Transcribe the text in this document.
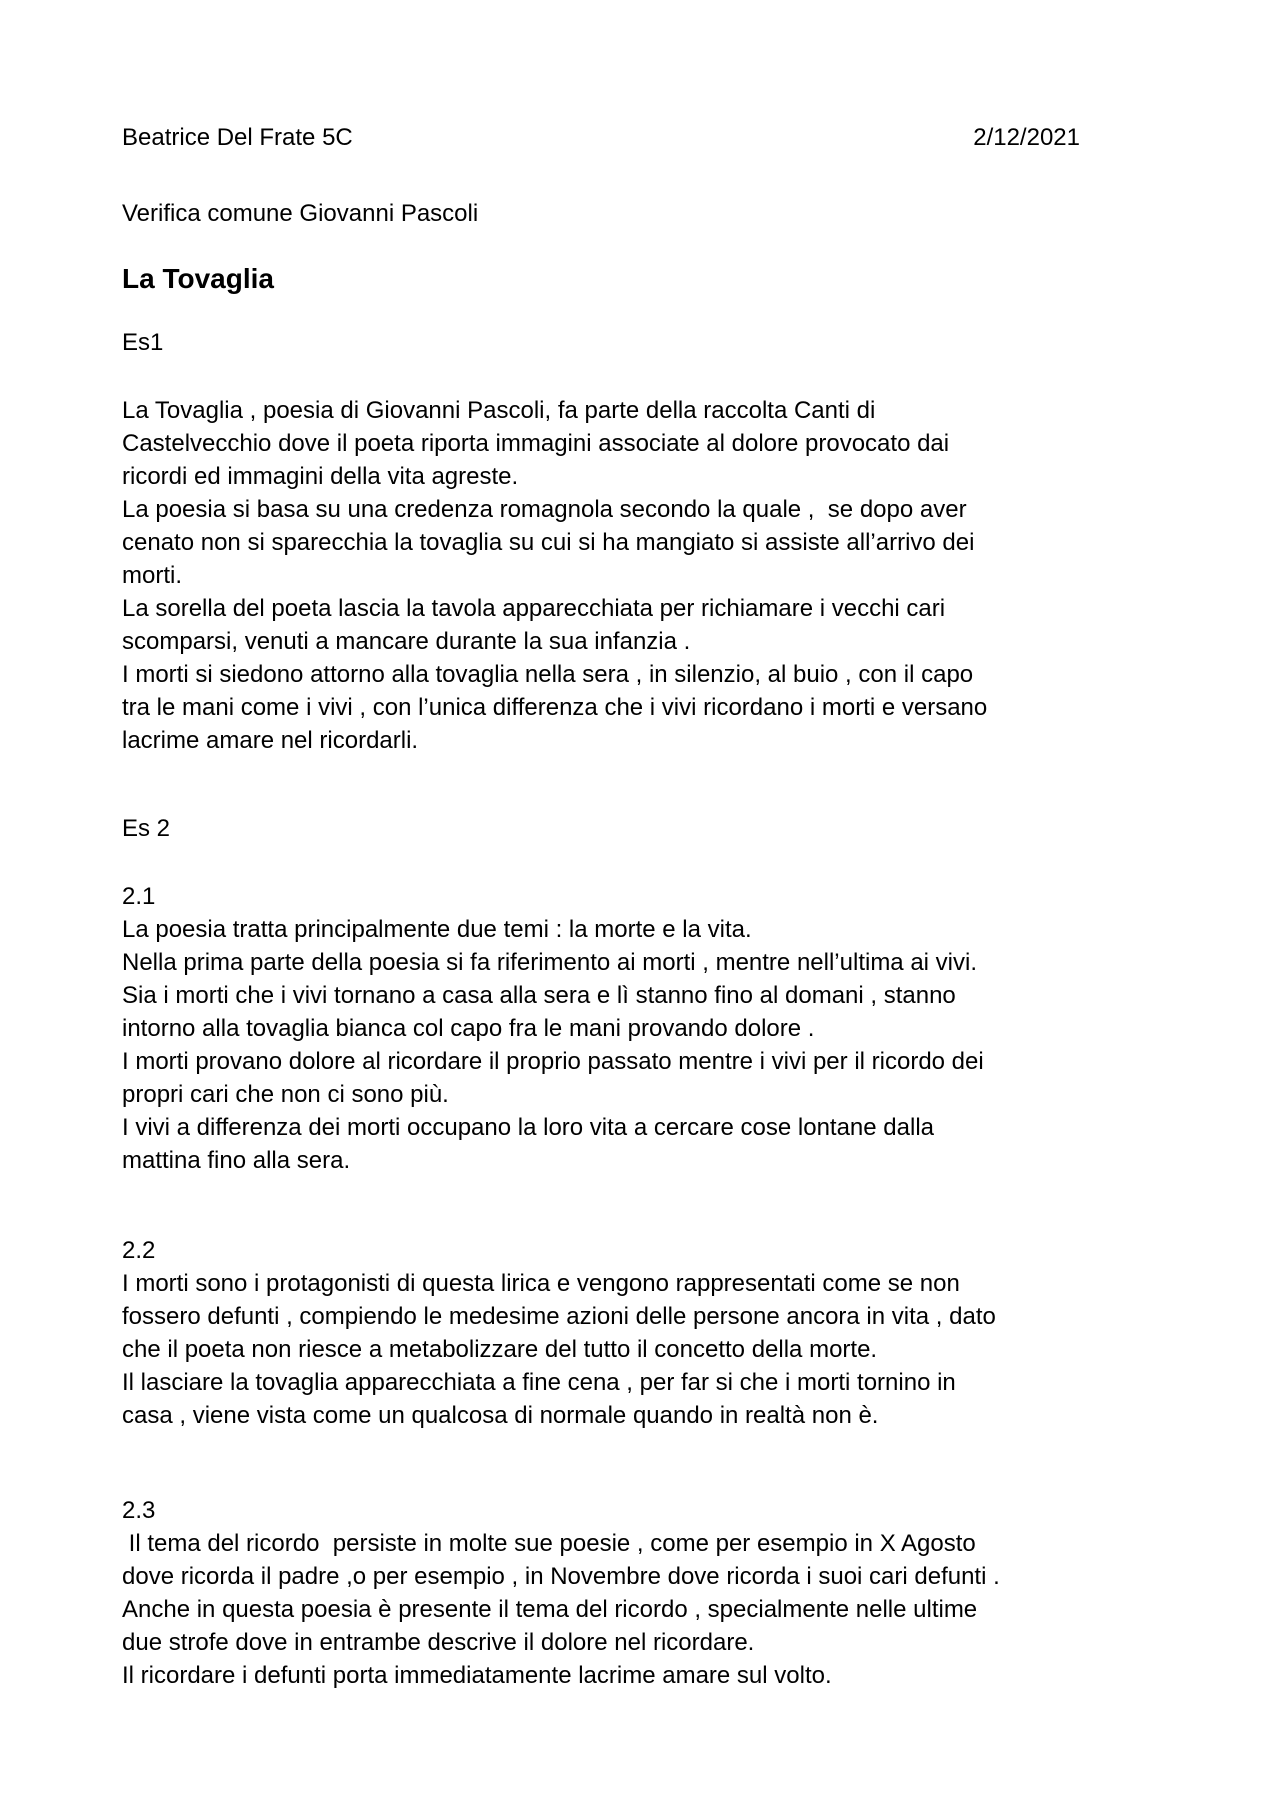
Beatrice Del Frate 5C	2/12/2021
Verifica comune Giovanni Pascoli
La Tovaglia
Es1
La Tovaglia , poesia di Giovanni Pascoli, fa parte della raccolta Canti di
Castelvecchio dove il poeta riporta immagini associate al dolore provocato dai
ricordi ed immagini della vita agreste.
La poesia si basa su una credenza romagnola secondo la quale ,  se dopo aver
cenato non si sparecchia la tovaglia su cui si ha mangiato si assiste all’arrivo dei
morti.
La sorella del poeta lascia la tavola apparecchiata per richiamare i vecchi cari
scomparsi, venuti a mancare durante la sua infanzia .
I morti si siedono attorno alla tovaglia nella sera , in silenzio, al buio , con il capo
tra le mani come i vivi , con l’unica differenza che i vivi ricordano i morti e versano
lacrime amare nel ricordarli.
Es 2
2.1
La poesia tratta principalmente due temi : la morte e la vita.
Nella prima parte della poesia si fa riferimento ai morti , mentre nell’ultima ai vivi.
Sia i morti che i vivi tornano a casa alla sera e lì stanno fino al domani , stanno
intorno alla tovaglia bianca col capo fra le mani provando dolore .
I morti provano dolore al ricordare il proprio passato mentre i vivi per il ricordo dei
propri cari che non ci sono più.
I vivi a differenza dei morti occupano la loro vita a cercare cose lontane dalla
mattina fino alla sera.
2.2
I morti sono i protagonisti di questa lirica e vengono rappresentati come se non
fossero defunti , compiendo le medesime azioni delle persone ancora in vita , dato
che il poeta non riesce a metabolizzare del tutto il concetto della morte.
Il lasciare la tovaglia apparecchiata a fine cena , per far si che i morti tornino in
casa , viene vista come un qualcosa di normale quando in realtà non è.
2.3
Il tema del ricordo  persiste in molte sue poesie , come per esempio in X Agosto
dove ricorda il padre ,o per esempio , in Novembre dove ricorda i suoi cari defunti .
Anche in questa poesia è presente il tema del ricordo , specialmente nelle ultime
due strofe dove in entrambe descrive il dolore nel ricordare.
Il ricordare i defunti porta immediatamente lacrime amare sul volto.
